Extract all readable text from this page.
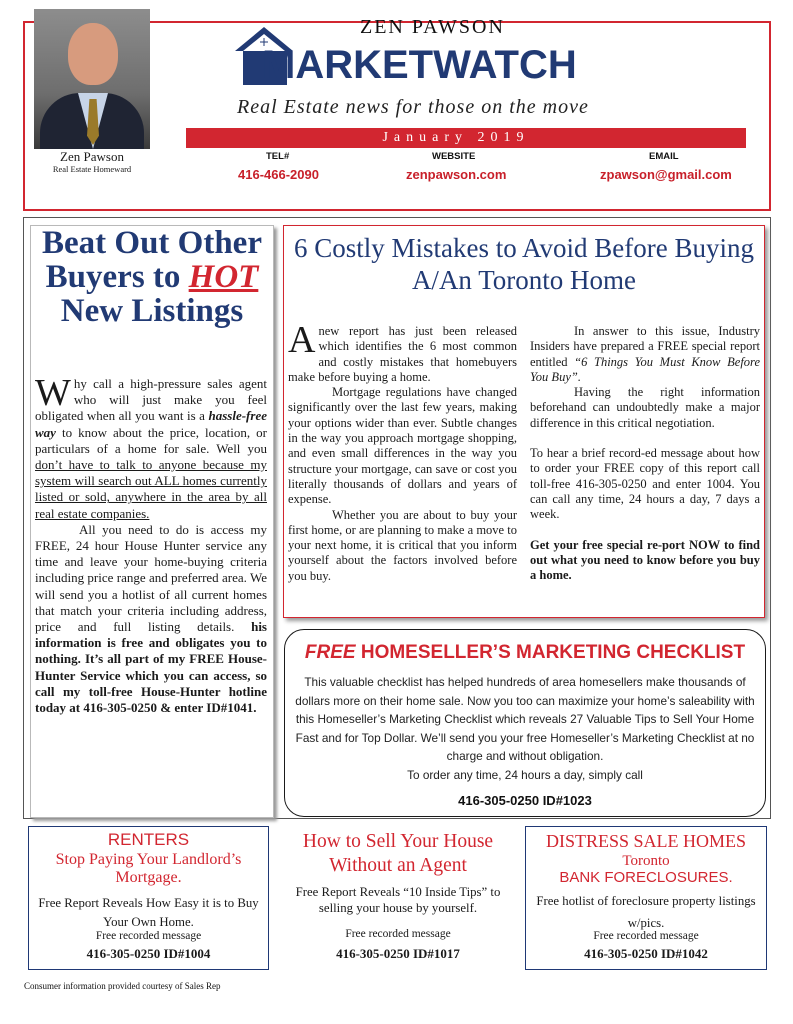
Zen Pawson
Real Estate Homeward
ZEN PAWSON
MARKETWATCH
Real Estate news for those on the move
January 2019
TEL#
416-466-2090
WEBSITE
zenpawson.com
EMAIL
zpawson@gmail.com
Beat Out Other Buyers to HOT New Listings

Why call a high-pressure sales agent who will just make you feel obligated when all you want is a hassle-free way to know about the price, location, or particulars of a home for sale. Well you don’t have to talk to anyone because my system will search out ALL homes currently listed or sold, anywhere in the area by all real estate companies.

All you need to do is access my FREE, 24 hour House Hunter service any time and leave your home-buying criteria including price range and preferred area. We will send you a hotlist of all current homes that match your criteria including address, price and full listing details. his information is free and obligates you to nothing. It’s all part of my FREE House-Hunter Service which you can access, so call my toll-free House-Hunter hotline today at 416-305-0250 & enter ID#1041.

6 Costly Mistakes to Avoid Before Buying A/An Toronto Home

Anew report has just been released which identifies the 6 most common and costly mistakes that homebuyers make before buying a home.

Mortgage regulations have changed significantly over the last few years, making your options wider than ever. Subtle changes in the way you approach mortgage shopping, and even small differences in the way you structure your mortgage, can save or cost you literally thousands of dollars and years of expense.

Whether you are about to buy your first home, or are planning to make a move to your next home, it is critical that you inform yourself about the factors involved before you buy.

In answer to this issue, Industry Insiders have prepared a FREE special report entitled “6 Things You Must Know Before You Buy”.

Having the right information beforehand can undoubtedly make a major difference in this critical negotiation.

To hear a brief record-ed message about how to order your FREE copy of this report call toll-free 416-305-0250 and enter 1004. You can call any time, 24 hours a day, 7 days a week.

Get your free special re-port NOW to find out what you need to know before you buy a home.

FREE HOMESELLER’S MARKETING CHECKLIST
This valuable checklist has helped hundreds of area homesellers make thousands of dollars more on their home sale. Now you too can maximize your home’s saleability with this Homeseller’s Marketing Checklist which reveals 27 Valuable Tips to Sell Your Home Fast and for Top Dollar. We’ll send you your free Homeseller’s Marketing Checklist at no charge and without obligation.
To order any time, 24 hours a day, simply call
416-305-0250 ID#1023
RENTERS
Stop Paying Your Landlord’s Mortgage.
Free Report Reveals How Easy it is to Buy Your Own Home.
Free recorded message
416-305-0250 ID#1004
How to Sell Your House Without an Agent
Free Report Reveals “10 Inside Tips” to selling your house by yourself.
Free recorded message
416-305-0250 ID#1017
DISTRESS SALE HOMES
Toronto
BANK FORECLOSURES.
Free hotlist of foreclosure property listings w/pics.
Free recorded message
416-305-0250 ID#1042
Consumer information provided courtesy of Sales Rep
